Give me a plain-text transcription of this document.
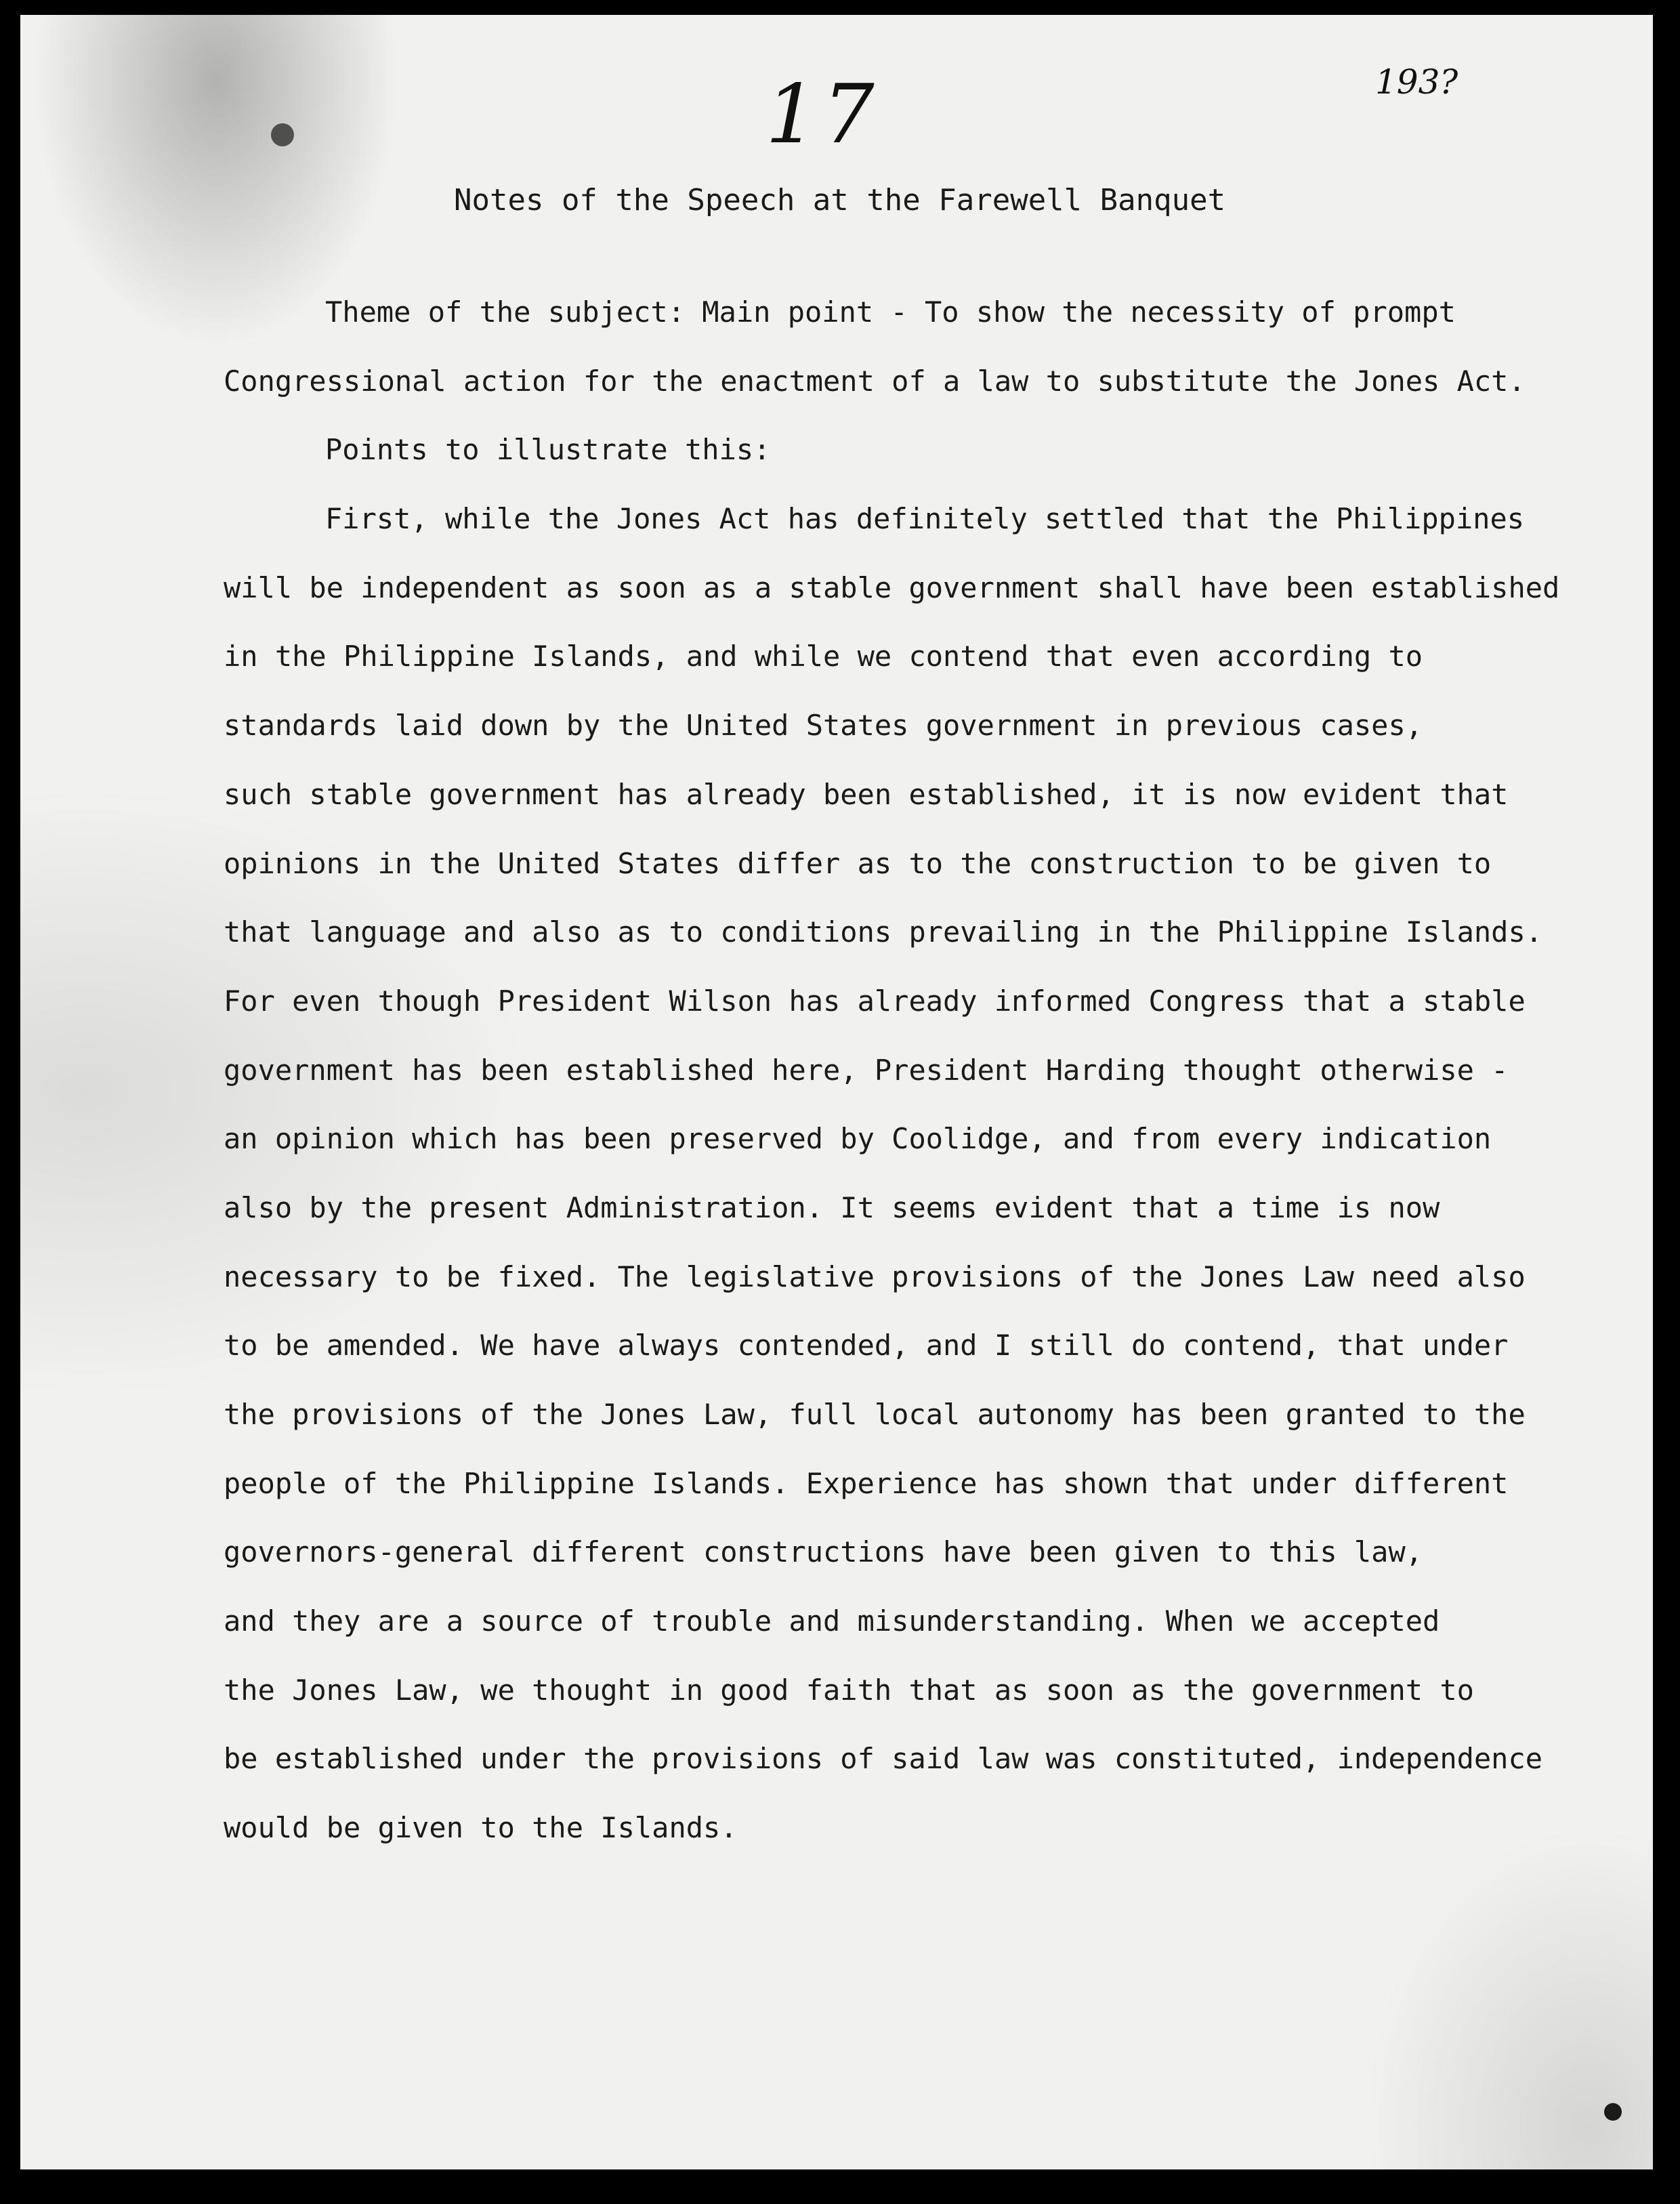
17	193?
Notes of the Speech at the Farewell Banquet
Theme of the subject: Main point - To show the necessity of prompt
Congressional action for the enactment of a law to substitute the Jones Act.
Points to illustrate this:
First, while the Jones Act has definitely settled that the Philippines
will be independent as soon as a stable government shall have been established
in the Philippine Islands, and while we contend that even according to
standards laid down by the United States government in previous cases,
such stable government has already been established, it is now evident that
opinions in the United States differ as to the construction to be given to
that language and also as to conditions prevailing in the Philippine Islands.
For even though President Wilson has already informed Congress that a stable
government has been established here, President Harding thought otherwise -
an opinion which has been preserved by Coolidge, and from every indication
also by the present Administration. It seems evident that a time is now
necessary to be fixed. The legislative provisions of the Jones Law need also
to be amended. We have always contended, and I still do contend, that under
the provisions of the Jones Law, full local autonomy has been granted to the
people of the Philippine Islands. Experience has shown that under different
governors-general different constructions have been given to this law,
and they are a source of trouble and misunderstanding. When we accepted
the Jones Law, we thought in good faith that as soon as the government to
be established under the provisions of said law was constituted, independence
would be given to the Islands.
